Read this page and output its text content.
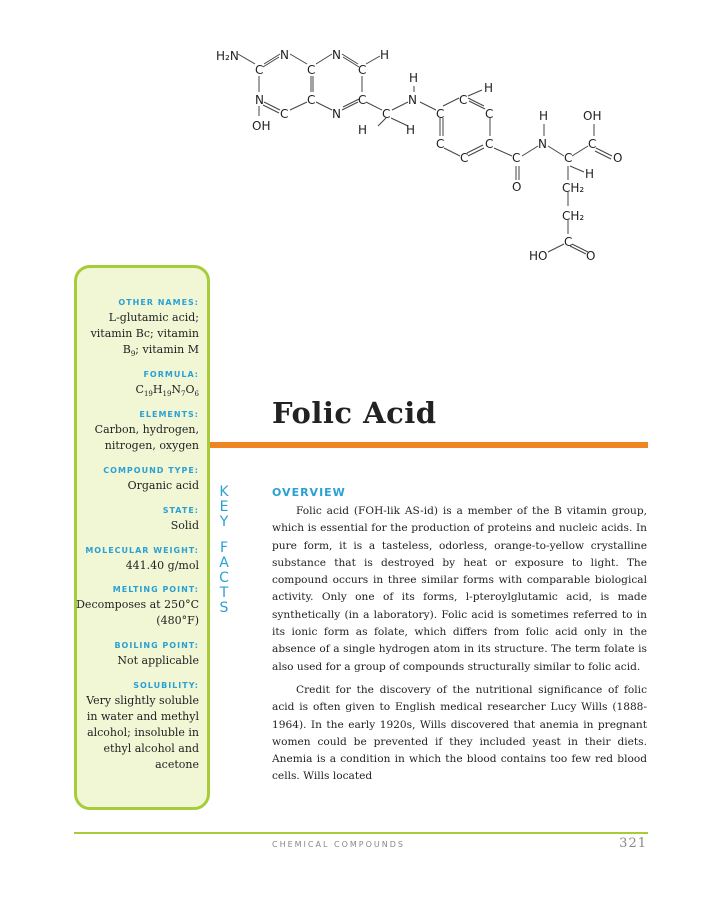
H₂N
C
N
C
N
C
H
N	C	C
C	N
OH
C
H	H
H
N
C
C
H
C
C
C
C
C
O
N
H
C
H
C
OH
O
CH₂
CH₂
C
HO	O
OTHER NAMES:
L-glutamic acid;
vitamin Bc; vitamin
$B_9$; vitamin M
FORMULA:
$C_{19}H_{19}N_7O_6$
ELEMENTS:
Carbon, hydrogen,
nitrogen, oxygen
COMPOUND TYPE:
Organic acid
STATE:
Solid
MOLECULAR WEIGHT:
441.40 g/mol
MELTING POINT:
Decomposes at 250°C
(480°F)
BOILING POINT:
Not applicable
SOLUBILITY:
Very slightly soluble
in water and methyl
alcohol; insoluble in
ethyl alcohol and
acetone
K
E
Y
F
A
C
T
S
Folic Acid
OVERVIEW

Folic acid (FOH-lik AS-id) is a member of the B vitamin group, which is essential for the production of proteins and nucleic acids. In pure form, it is a tasteless, odorless, orange-to-yellow crystalline substance that is destroyed by heat or exposure to light. The compound occurs in three similar forms with comparable biological activity. Only one of its forms, l-pteroylglutamic acid, is made synthetically (in a laboratory). Folic acid is sometimes referred to in its ionic form as folate, which differs from folic acid only in the absence of a single hydrogen atom in its structure. The term folate is also used for a group of compounds structurally similar to folic acid.

Credit for the discovery of the nutritional significance of folic acid is often given to English medical researcher Lucy Wills (1888-1964). In the early 1920s, Wills discovered that anemia in pregnant women could be prevented if they included yeast in their diets. Anemia is a condition in which the blood contains too few red blood cells. Wills located

CHEMICAL COMPOUNDS	321
